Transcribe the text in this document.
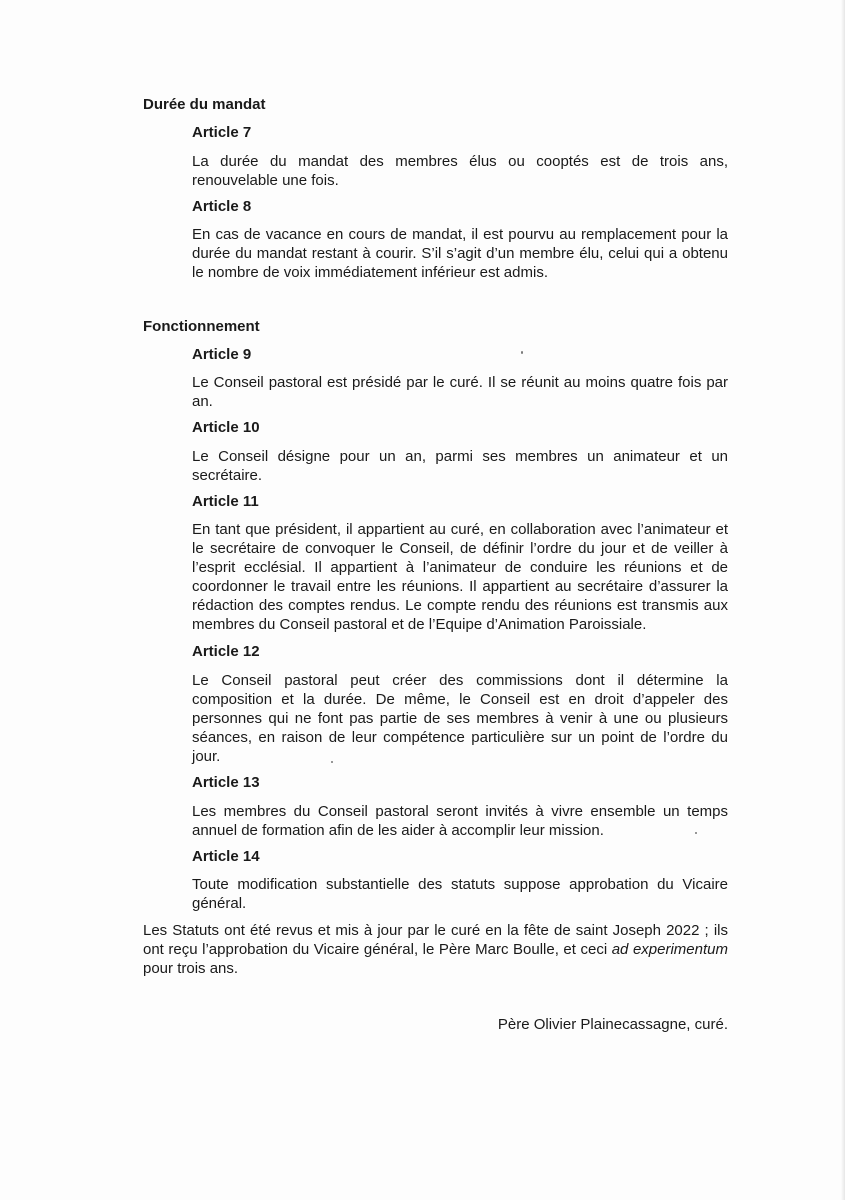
Durée du mandat
Article 7
La durée du mandat des membres élus ou cooptés est de trois ans,
renouvelable une fois.
Article 8
En cas de vacance en cours de mandat, il est pourvu au remplacement pour la
durée du mandat restant à courir. S’il s’agit d’un membre élu, celui qui a obtenu
le nombre de voix immédiatement inférieur est admis.
Fonctionnement
Article 9
Le Conseil pastoral est présidé par le curé. Il se réunit au moins quatre fois par
an.
Article 10
Le Conseil désigne pour un an, parmi ses membres un animateur et un
secrétaire.
Article 11
En tant que président, il appartient au curé, en collaboration avec l’animateur et
le secrétaire de convoquer le Conseil, de définir l’ordre du jour et de veiller à
l’esprit ecclésial. Il appartient à l’animateur de conduire les réunions et de
coordonner le travail entre les réunions. Il appartient au secrétaire d’assurer la
rédaction des comptes rendus. Le compte rendu des réunions est transmis aux
membres du Conseil pastoral et de l’Equipe d’Animation Paroissiale.
Article 12
Le Conseil pastoral peut créer des commissions dont il détermine la
composition et la durée. De même, le Conseil est en droit d’appeler des
personnes qui ne font pas partie de ses membres à venir à une ou plusieurs
séances, en raison de leur compétence particulière sur un point de l’ordre du
jour.
Article 13
Les membres du Conseil pastoral seront invités à vivre ensemble un temps
annuel de formation afin de les aider à accomplir leur mission.
Article 14
Toute modification substantielle des statuts suppose approbation du Vicaire
général.
Les Statuts ont été revus et mis à jour par le curé en la fête de saint Joseph 2022 ; ils
ont reçu l’approbation du Vicaire général, le Père Marc Boulle, et ceci ad experimentum
pour trois ans.
Père Olivier Plainecassagne, curé.
